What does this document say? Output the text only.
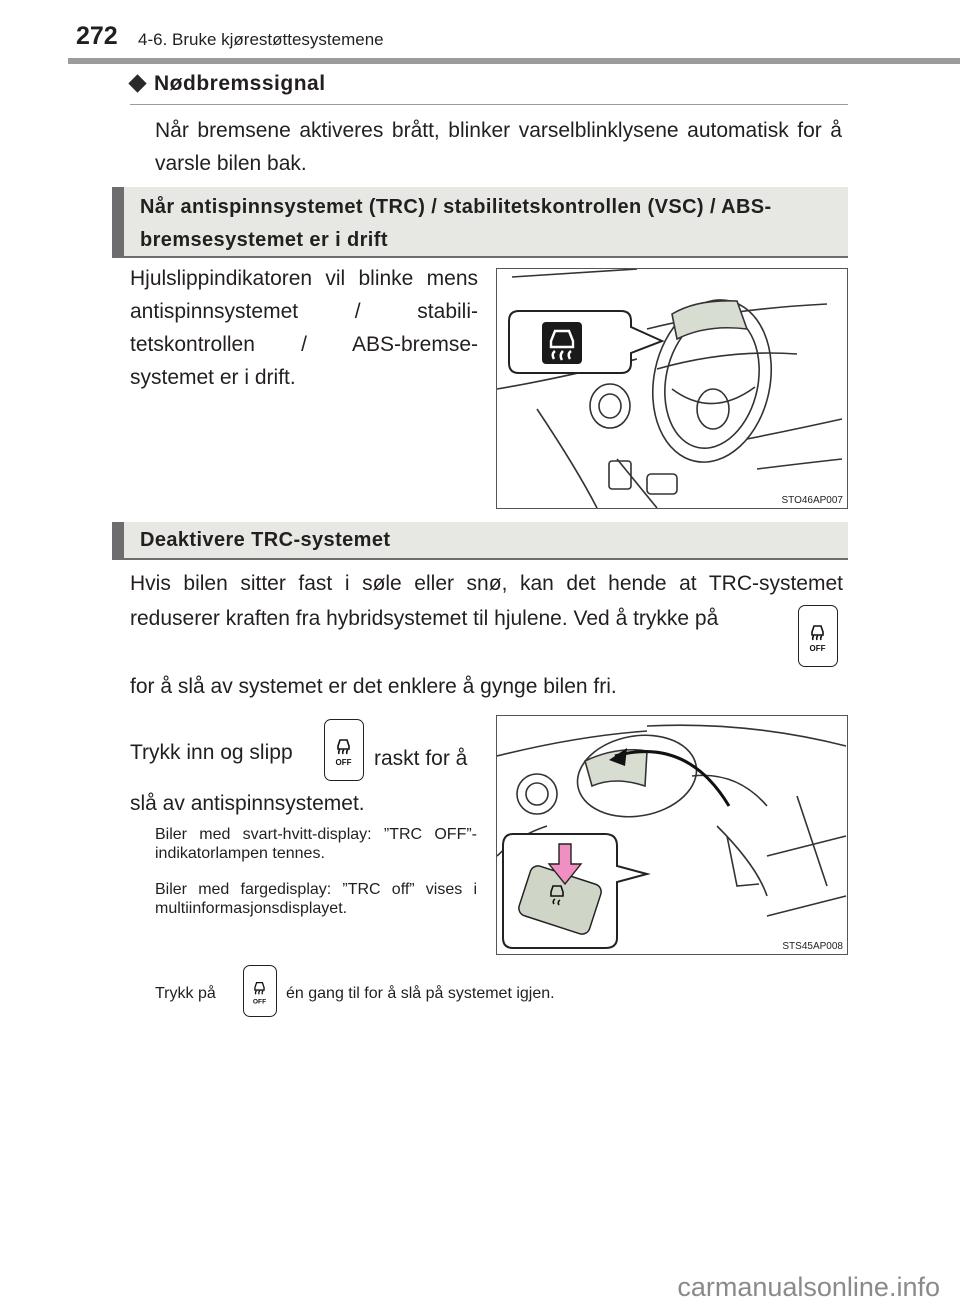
272 4-6. Bruke kjørestøttesystemene
Nødbremssignal
Når bremsene aktiveres brått, blinker varselblinklysene automatisk for å varsle bilen bak.
Når antispinnsystemet (TRC) / stabilitetskontrollen (VSC) / ABS-bremsesystemet er i drift
Hjulslippindikatoren vil blinke mens antispinnsystemet / stabili-tetskontrollen / ABS-bremse-systemet er i drift.
STO46AP007
Deaktivere TRC-systemet
Hvis bilen sitter fast i søle eller snø, kan det hende at TRC-systemet reduserer kraften fra hybridsystemet til hjulene. Ved å trykke på
OFF
for å slå av systemet er det enklere å gynge bilen fri.
Trykk inn og slipp	OFF	raskt for å slå av antispinnsystemet.
Biler med svart-hvitt-display: ”TRC OFF”-indikatorlampen tennes.
Biler med fargedisplay: ”TRC off” vises i multiinformasjonsdisplayet.
STS45AP008
Trykk på	OFF én gang til for å slå på systemet igjen.
carmanualsonline.info
